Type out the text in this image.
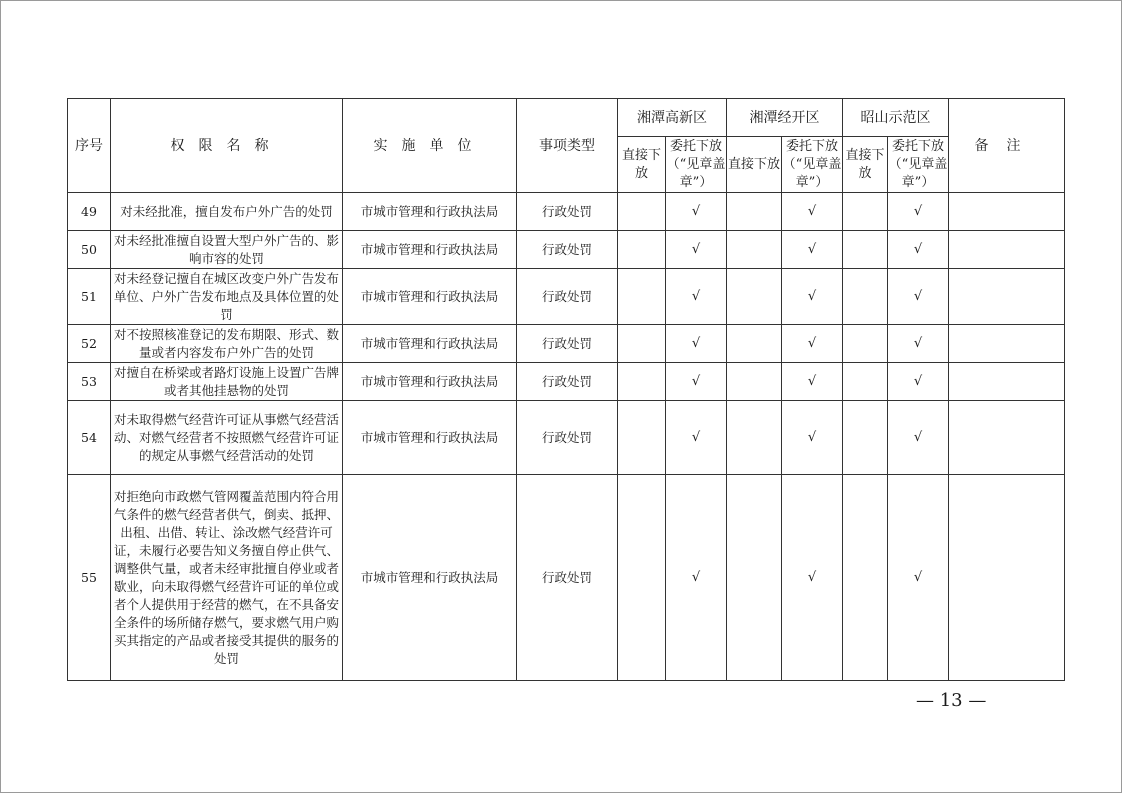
序号	权限名称	实施单位	事项类型	湘潭高新区		湘潭经开区		昭山示范区		备注
				直接下放	委托下放（“见章盖章”）	直接下放	委托下放（“见章盖章”）	直接下放	委托下放（“见章盖章”）	
49	对未经批准，擅自发布户外广告的处罚	市城市管理和行政执法局	行政处罚		√		√		√	
50	对未经批准擅自设置大型户外广告的、影响市容的处罚	市城市管理和行政执法局	行政处罚		√		√		√	
51	对未经登记擅自在城区改变户外广告发布单位、户外广告发布地点及具体位置的处罚	市城市管理和行政执法局	行政处罚		√		√		√	
52	对不按照核准登记的发布期限、形式、数量或者内容发布户外广告的处罚	市城市管理和行政执法局	行政处罚		√		√		√	
53	对擅自在桥梁或者路灯设施上设置广告牌或者其他挂悬物的处罚	市城市管理和行政执法局	行政处罚		√		√		√	
54	对未取得燃气经营许可证从事燃气经营活动、对燃气经营者不按照燃气经营许可证的规定从事燃气经营活动的处罚	市城市管理和行政执法局	行政处罚		√		√		√	
55	对拒绝向市政燃气管网覆盖范围内符合用气条件的燃气经营者供气，倒卖、抵押、出租、出借、转让、涂改燃气经营许可证，未履行必要告知义务擅自停止供气、调整供气量，或者未经审批擅自停业或者歇业，向未取得燃气经营许可证的单位或者个人提供用于经营的燃气，在不具备安全条件的场所储存燃气，要求燃气用户购买其指定的产品或者接受其提供的服务的处罚	市城市管理和行政执法局	行政处罚		√		√		√	
— 13 —
